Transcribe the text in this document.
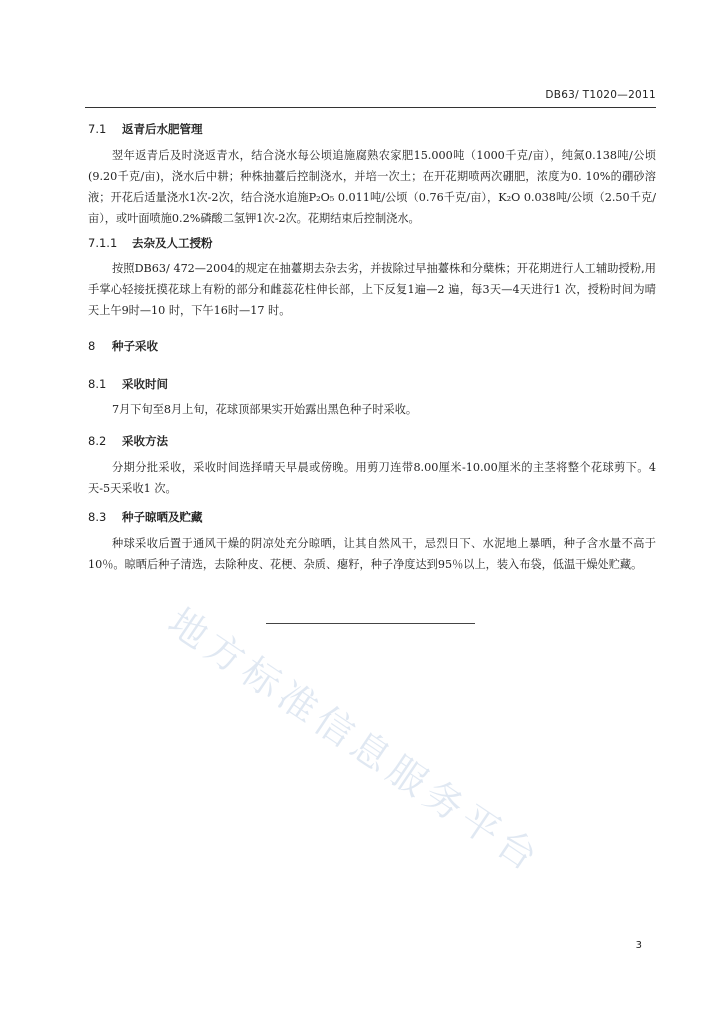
DB63/ T1020—2011
地方标准信息服务平台
7.1 返青后水肥管理

翌年返青后及时浇返青水，结合浇水每公顷追施腐熟农家肥15.000吨（1000千克/亩），纯氮0.138吨/公顷(9.20千克/亩)，浇水后中耕；种株抽薹后控制浇水，并培一次土；在开花期喷两次硼肥，浓度为0. 10%的硼砂溶液；开花后适量浇水1次-2次，结合浇水追施P₂O₅ 0.011吨/公顷（0.76千克/亩），K₂O 0.038吨/公顷（2.50千克/亩），或叶面喷施0.2%磷酸二氢钾1次-2次。花期结束后控制浇水。

7.1.1 去杂及人工授粉

按照DB63/ 472—2004的规定在抽薹期去杂去劣，并拔除过早抽薹株和分蘖株；开花期进行人工辅助授粉,用手掌心轻接抚摸花球上有粉的部分和雌蕊花柱伸长部，上下反复1遍—2 遍，每3天—4天进行1 次，授粉时间为晴天上午9时—10 时，下午16时—17 时。

8 种子采收
8.1 采收时间

7月下旬至8月上旬，花球顶部果实开始露出黑色种子时采收。

8.2 采收方法

分期分批采收，采收时间选择晴天早晨或傍晚。用剪刀连带8.00厘米-10.00厘米的主茎将整个花球剪下。4天-5天采收1 次。

8.3 种子晾晒及贮藏

种球采收后置于通风干燥的阴凉处充分晾晒，让其自然风干，忌烈日下、水泥地上暴晒，种子含水量不高于10％。晾晒后种子清选，去除种皮、花梗、杂质、瘪籽，种子净度达到95％以上，装入布袋，低温干燥处贮藏。

3
